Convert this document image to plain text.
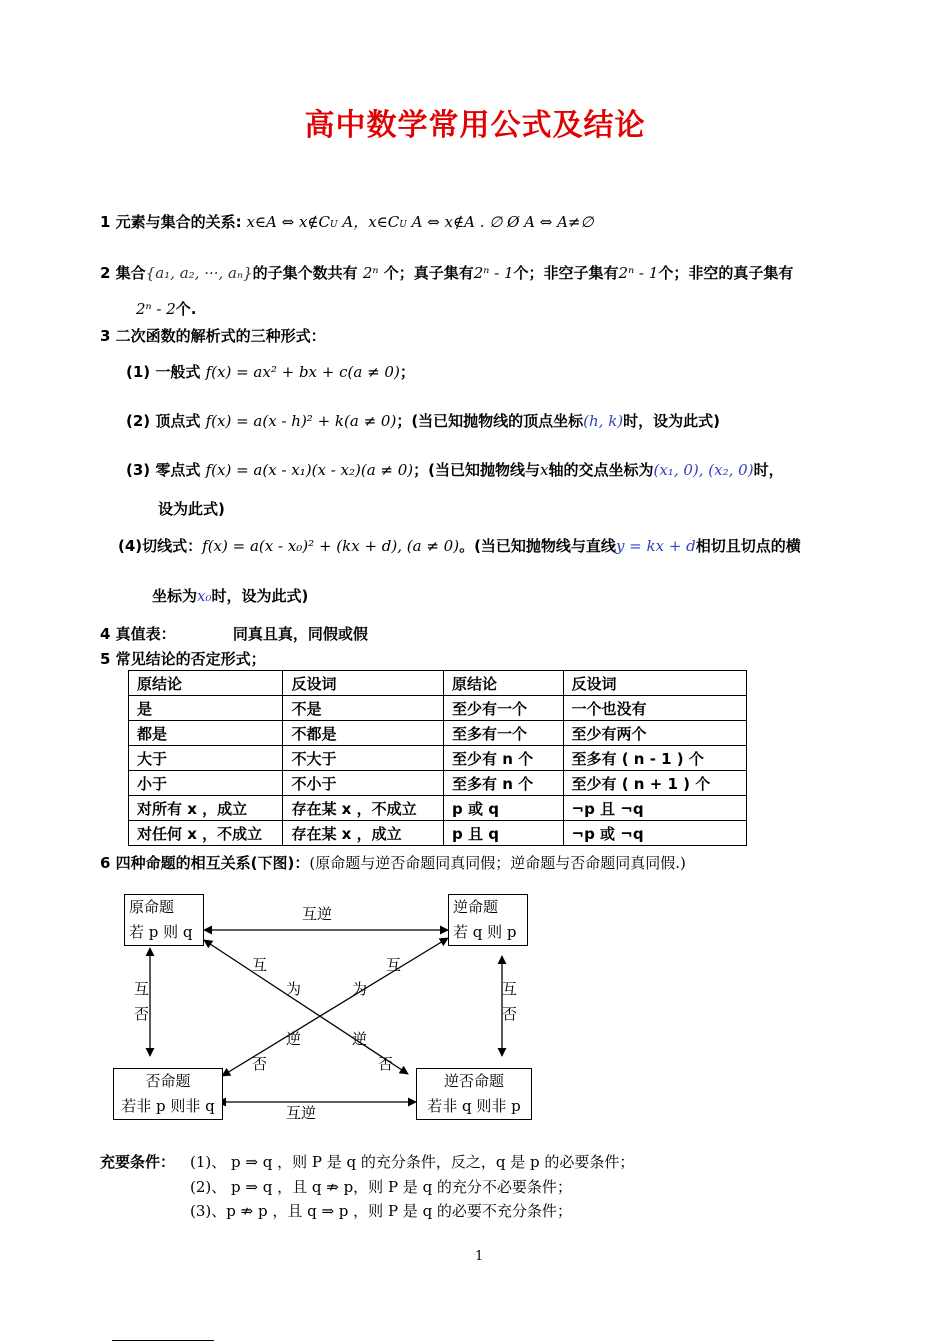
高中数学常用公式及结论
1 元素与集合的关系: x∈A ⇔ x∉CU A，x∈CU A ⇔ x∉A . ∅ Ø A ⇔ A≠∅
2 集合{a₁, a₂, ···, aₙ}的子集个数共有 2ⁿ 个；真子集有2ⁿ - 1个；非空子集有2ⁿ - 1个；非空的真子集有
2ⁿ - 2个.
3 二次函数的解析式的三种形式：
(1) 一般式 f(x) = ax² + bx + c(a ≠ 0)；
(2) 顶点式 f(x) = a(x - h)² + k(a ≠ 0)；(当已知抛物线的顶点坐标(h, k)时，设为此式)
(3) 零点式 f(x) = a(x - x₁)(x - x₂)(a ≠ 0)；(当已知抛物线与x轴的交点坐标为(x₁, 0), (x₂, 0)时，
设为此式)
(4)切线式：f(x) = a(x - x₀)² + (kx + d), (a ≠ 0)。(当已知抛物线与直线y = kx + d相切且切点的横
坐标为x₀时，设为此式)
4 真值表：	同真且真，同假或假
5 常见结论的否定形式；
原结论	反设词	原结论	反设词
是	不是	至少有一个	一个也没有
都是	不都是	至多有一个	至少有两个
大于	不大于	至少有 n 个	至多有 ( n - 1 ) 个
小于	不小于	至多有 n 个	至少有 ( n + 1 ) 个
对所有 x ，成立	存在某 x ，不成立	p 或 q	¬p 且 ¬q
对任何 x ，不成立	存在某 x ，成立	p 且 q	¬p 或 ¬q
6 四种命题的相互关系(下图)：(原命题与逆否命题同真同假；逆命题与否命题同真同假.)
原命题
若 p 则 q
逆命题
若 q 则 p
否命题
若非 p 则非 q
逆否命题
若非 q 则非 p
互逆
互逆
互
否
互
否
互
为
逆
否
互
为
逆
否
充要条件： (1)、 p ⇒ q ，则 P 是 q 的充分条件，反之，q 是 p 的必要条件；
(2)、 p ⇒ q ，且 q ⇏ p，则 P 是 q 的充分不必要条件；
(3)、p ⇏ p ，且 q ⇒ p ，则 P 是 q 的必要不充分条件；
1
